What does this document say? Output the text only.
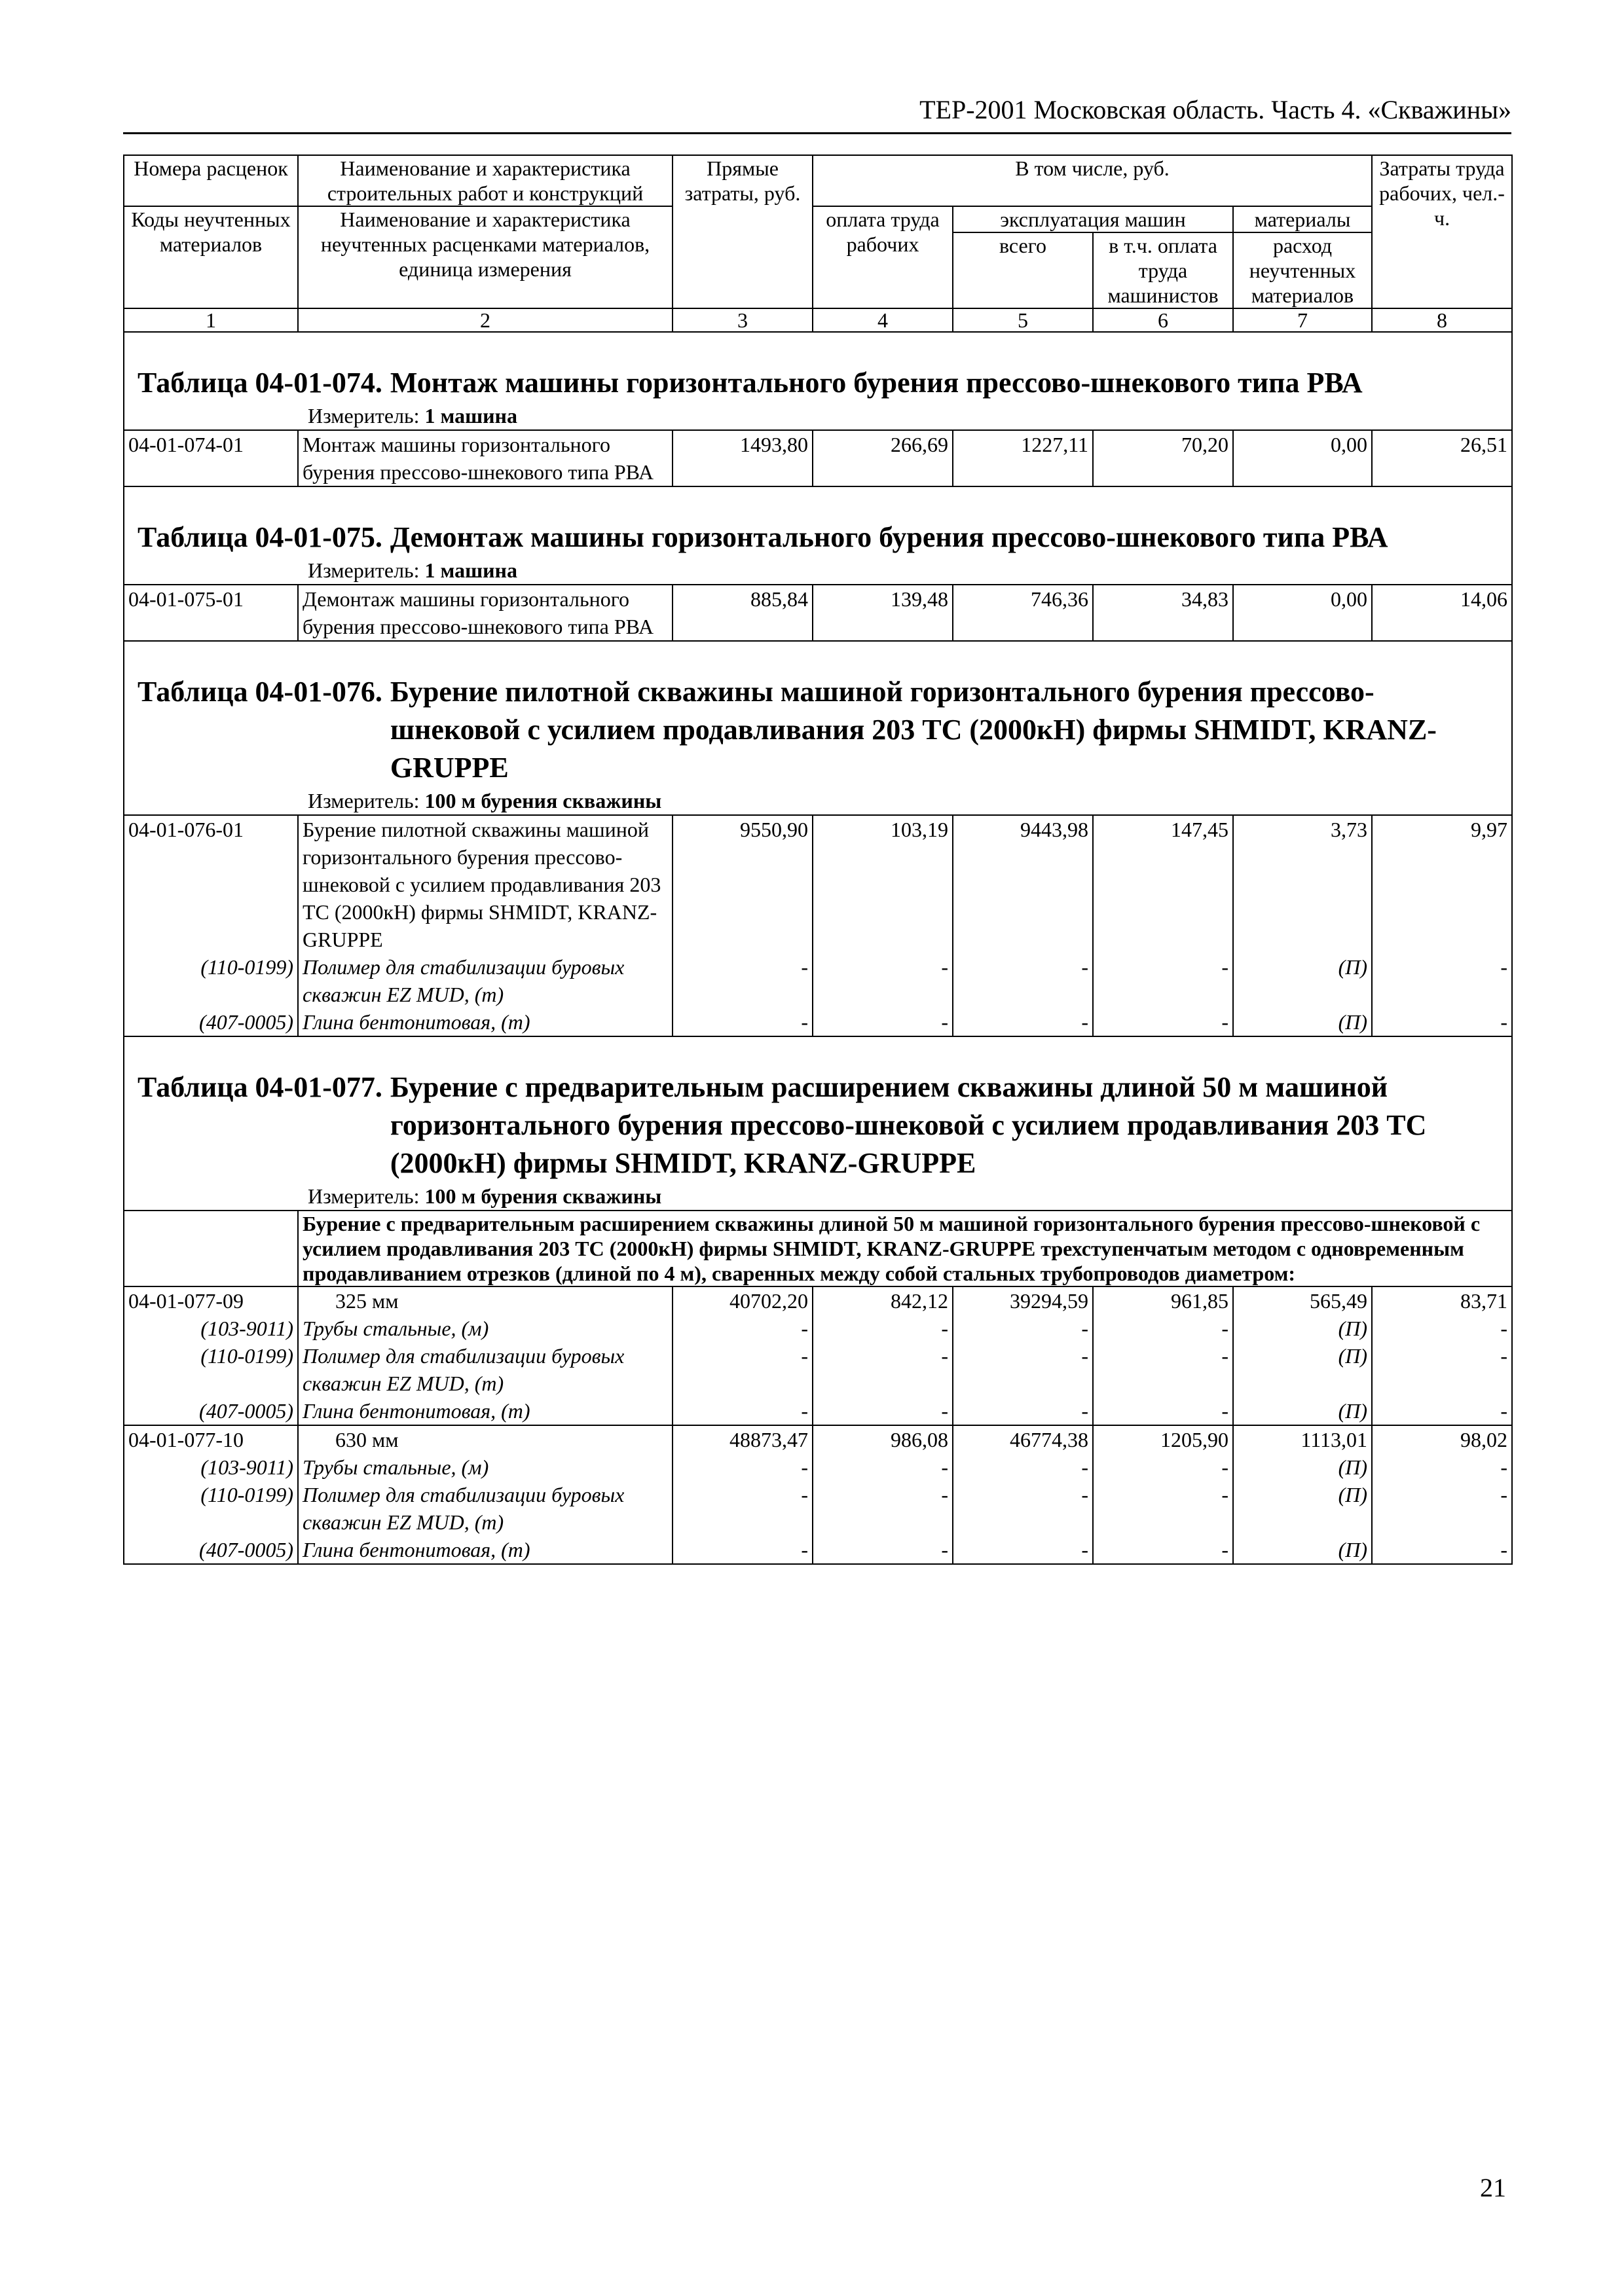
ТЕР-2001 Московская область. Часть 4. «Скважины»
Номера расценок	Наименование и характеристика строительных работ и конструкций	Прямые затраты, руб.	В том числе, руб.				Затраты труда рабочих, чел.-ч.
Коды неучтенных материалов	Наименование и характеристика неучтенных расценками материалов, единица измерения		оплата труда рабочих	эксплуатация машин		материалы	
				всего	в т.ч. оплата труда машинистов	расход неучтенных материалов	
1	2	3	4	5	6	7	8

Таблица 04-01-074. Монтаж машины горизонтального бурения прессово-шнекового типа РВА							

Измеритель: 1 машина							
04-01-074-01	Монтаж машины горизонтального бурения прессово-шнекового типа РВА	1493,80	266,69	1227,11	70,20	0,00	26,51

Таблица 04-01-075. Демонтаж машины горизонтального бурения прессово-шнекового типа РВА							

Измеритель: 1 машина							
04-01-075-01	Демонтаж машины горизонтального бурения прессово-шнекового типа РВА	885,84	139,48	746,36	34,83	0,00	14,06

Таблица 04-01-076. Бурение пилотной скважины машиной горизонтального бурения прессово-шнековой с усилием продавливания 203 ТС (2000кН) фирмы SHMIDT, KRANZ-GRUPPE							

Измеритель: 100 м бурения скважины							
04-01-076-01	Бурение пилотной скважины машиной горизонтального бурения прессово-шнековой с усилием продавливания 203 ТС (2000кН) фирмы SHMIDT, KRANZ-GRUPPE	9550,90	103,19	9443,98	147,45	3,73	9,97
(110-0199)	Полимер для стабилизации буровых скважин EZ MUD, (т)	-	-	-	-	(П)	-
(407-0005)	Глина бентонитовая, (т)	-	-	-	-	(П)	-

Таблица 04-01-077. Бурение с предварительным расширением скважины длиной 50 м машиной горизонтального бурения прессово-шнековой с усилием продавливания 203 ТС (2000кН) фирмы SHMIDT, KRANZ-GRUPPE							

Измеритель: 100 м бурения скважины							
	Бурение с предварительным расширением скважины длиной 50 м машиной горизонтального бурения прессово-шнековой с усилием продавливания 203 ТС (2000кН) фирмы SHMIDT, KRANZ-GRUPPE трехступенчатым методом с одновременным продавливанием отрезков (длиной по 4 м), сваренных между собой стальных трубопроводов диаметром:						
04-01-077-09	325 мм	40702,20	842,12	39294,59	961,85	565,49	83,71
(103-9011)	Трубы стальные, (м)	-	-	-	-	(П)	-
(110-0199)	Полимер для стабилизации буровых скважин EZ MUD, (т)	-	-	-	-	(П)	-
(407-0005)	Глина бентонитовая, (т)	-	-	-	-	(П)	-
04-01-077-10	630 мм	48873,47	986,08	46774,38	1205,90	1113,01	98,02
(103-9011)	Трубы стальные, (м)	-	-	-	-	(П)	-
(110-0199)	Полимер для стабилизации буровых скважин EZ MUD, (т)	-	-	-	-	(П)	-
(407-0005)	Глина бентонитовая, (т)	-	-	-	-	(П)	-
21
